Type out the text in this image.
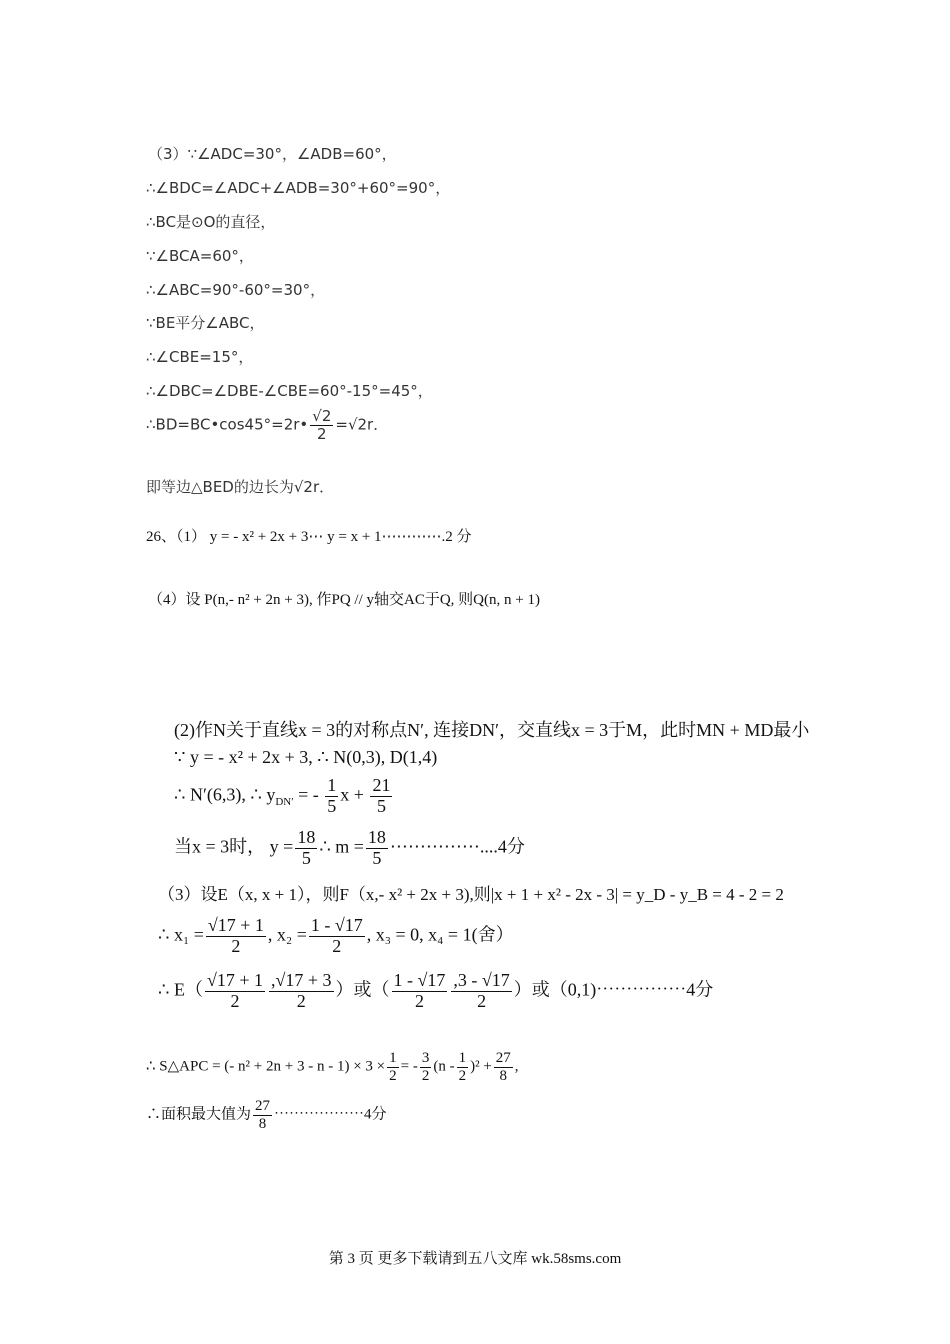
（3）∵∠ADC=30°，∠ADB=60°，
∴∠BDC=∠ADC+∠ADB=30°+60°=90°，
∴BC是⊙O的直径，
∵∠BCA=60°，
∴∠ABC=90°-60°=30°，
∵BE平分∠ABC，
∴∠CBE=15°，
∴∠DBC=∠DBE-∠CBE=60°-15°=45°，
∴BD=BC•cos45°=2r• $\frac{√2}{2} =√2r$．
即等边△BED的边长为√2r．
26、（1） y = - x² + 2x + 3⋯ y = x + 1⋯⋯⋯⋯.2 分
（4）设 P(n,- n² + 2n + 3), 作PQ // y轴交AC于Q, 则Q(n, n + 1)
(2)作N关于直线x = 3的对称点N′, 连接DN′，交直线x = 3于M，此时MN + MD最小
∵ y = - x² + 2x + 3, ∴ N(0,3), D(1,4)
∴ N′(6,3), ∴ $y_{DN'}$ = - $\frac{1}{5}$ $x + \frac{21}{5}$
当x = 3时， $y = \frac{18}{5}$ ∴ $m = \frac{18}{5}$ ⋯⋯⋯⋯⋯....4分
（3）设E（x, x + 1），则F（x,- x² + 2x + 3),则|x + 1 + x² - 2x - 3| = y_D - y_B = 4 - 2 = 2
∴ $x_1 = \frac{√17 + 1}{2}$ , $x_2 = \frac{1 - √17}{2}$ , x₃ = 0, x₄ = 1(舍）
∴ $E( \frac{√17 + 1}{2} \frac{,√17 + 3}{2}$ ）或（ $\frac{1 - √17}{2} \frac{,3 - √17}{2}$ ）或（0,1)⋯⋯⋯⋯⋯4分
∴ S△APC = (- $n^2 + 2n + 3 - n - 1) \times 3 \times \frac{1}{2}$ = - $\frac{3}{2} (n - \frac{1}{2} )^2 + \frac{27}{8}$ ,
∴面积最大值为 $\frac{27}{8}$ ⋯⋯⋯⋯⋯⋯4分
第 3 页 更多下载请到五八文库 wk.58sms.com
